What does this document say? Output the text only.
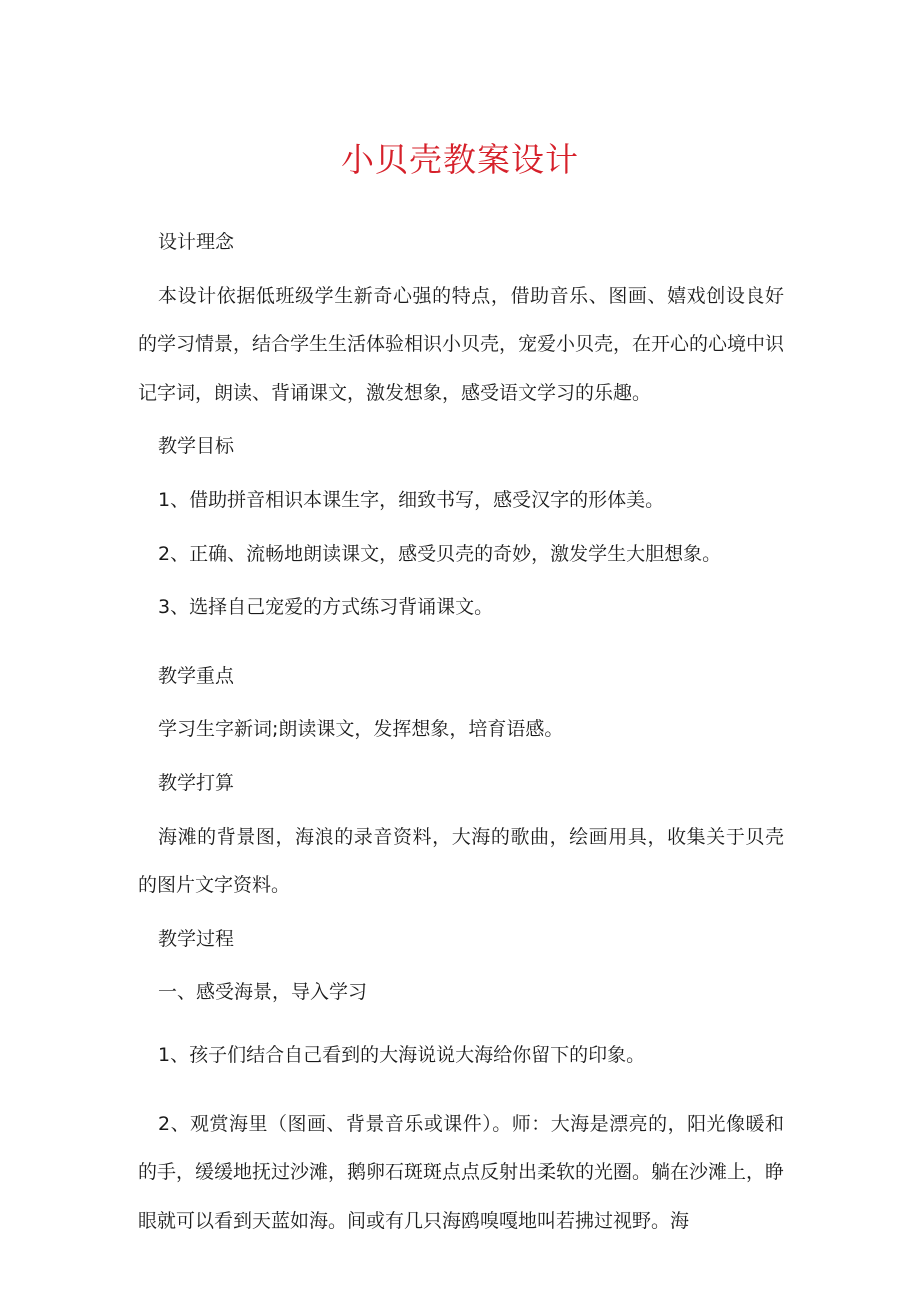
小贝壳教案设计

设计理念

本设计依据低班级学生新奇心强的特点，借助音乐、图画、嬉戏创设良好的学习情景，结合学生生活体验相识小贝壳，宠爱小贝壳，在开心的心境中识记字词，朗读、背诵课文，激发想象，感受语文学习的乐趣。

教学目标

1、借助拼音相识本课生字，细致书写，感受汉字的形体美。

2、正确、流畅地朗读课文，感受贝壳的奇妙，激发学生大胆想象。

3、选择自己宠爱的方式练习背诵课文。

教学重点

学习生字新词;朗读课文，发挥想象，培育语感。

教学打算

海滩的背景图，海浪的录音资料，大海的歌曲，绘画用具，收集关于贝壳的图片文字资料。

教学过程

一、感受海景，导入学习

1、孩子们结合自己看到的大海说说大海给你留下的印象。

2、观赏海里（图画、背景音乐或课件）。师：大海是漂亮的，阳光像暖和的手，缓缓地抚过沙滩，鹅卵石斑斑点点反射出柔软的光圈。躺在沙滩上，睁眼就可以看到天蓝如海。间或有几只海鸥嗅嘎地叫若拂过视野。海
